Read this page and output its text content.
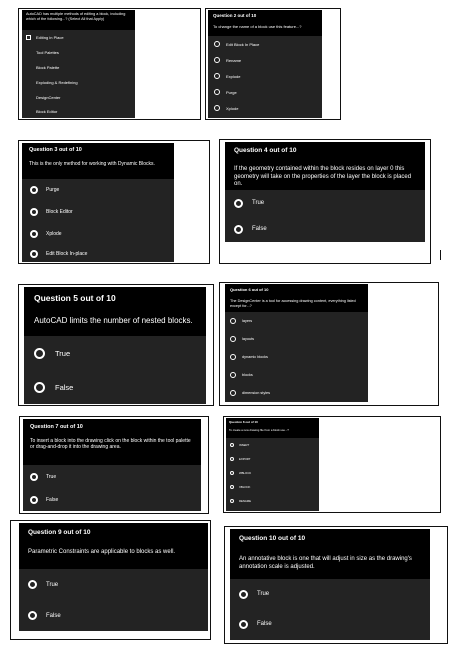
AutoCAD has multiple methods of editing a block, including which of the following...? (Select All that Apply)
Editing in Place
Tool Palettes
Block Palette
Exploding & Redefining
DesignCenter
Block Editor
Question 2 out of 10
To change the name of a block use this feature...?
Edit Block In Place
Rename
Explode
Purge
Xplode
Question 3 out of 10
This is the only method for working with Dynamic Blocks.
Purge
Block Editor
Xplode
Edit Block In-place
Question 4 out of 10
If the geometry contained within the block resides on layer 0 this geometry will take on the properties of the layer the block is placed on.
True
False
Question 5 out of 10
AutoCAD limits the number of nested blocks.
True
False
Question 6 out of 10
The DesignCenter is a tool for accessing drawing content, everything listed except for...?
layers
layouts
dynamic blocks
blocks
dimension styles
Question 7 out of 10
To insert a block into the drawing click on the block within the tool palette or drag-and-drop it into the drawing area.
True
False
Question 8 out of 10
To create a new drawing file from a block use...?
INSERT
EXPORT
WBLOCK
XBLOCK
RENAME
Question 9 out of 10
Parametric Constraints are applicable to blocks as well.
True
False
Question 10 out of 10
An annotative block is one that will adjust in size as the drawing's annotation scale is adjusted.
True
False
